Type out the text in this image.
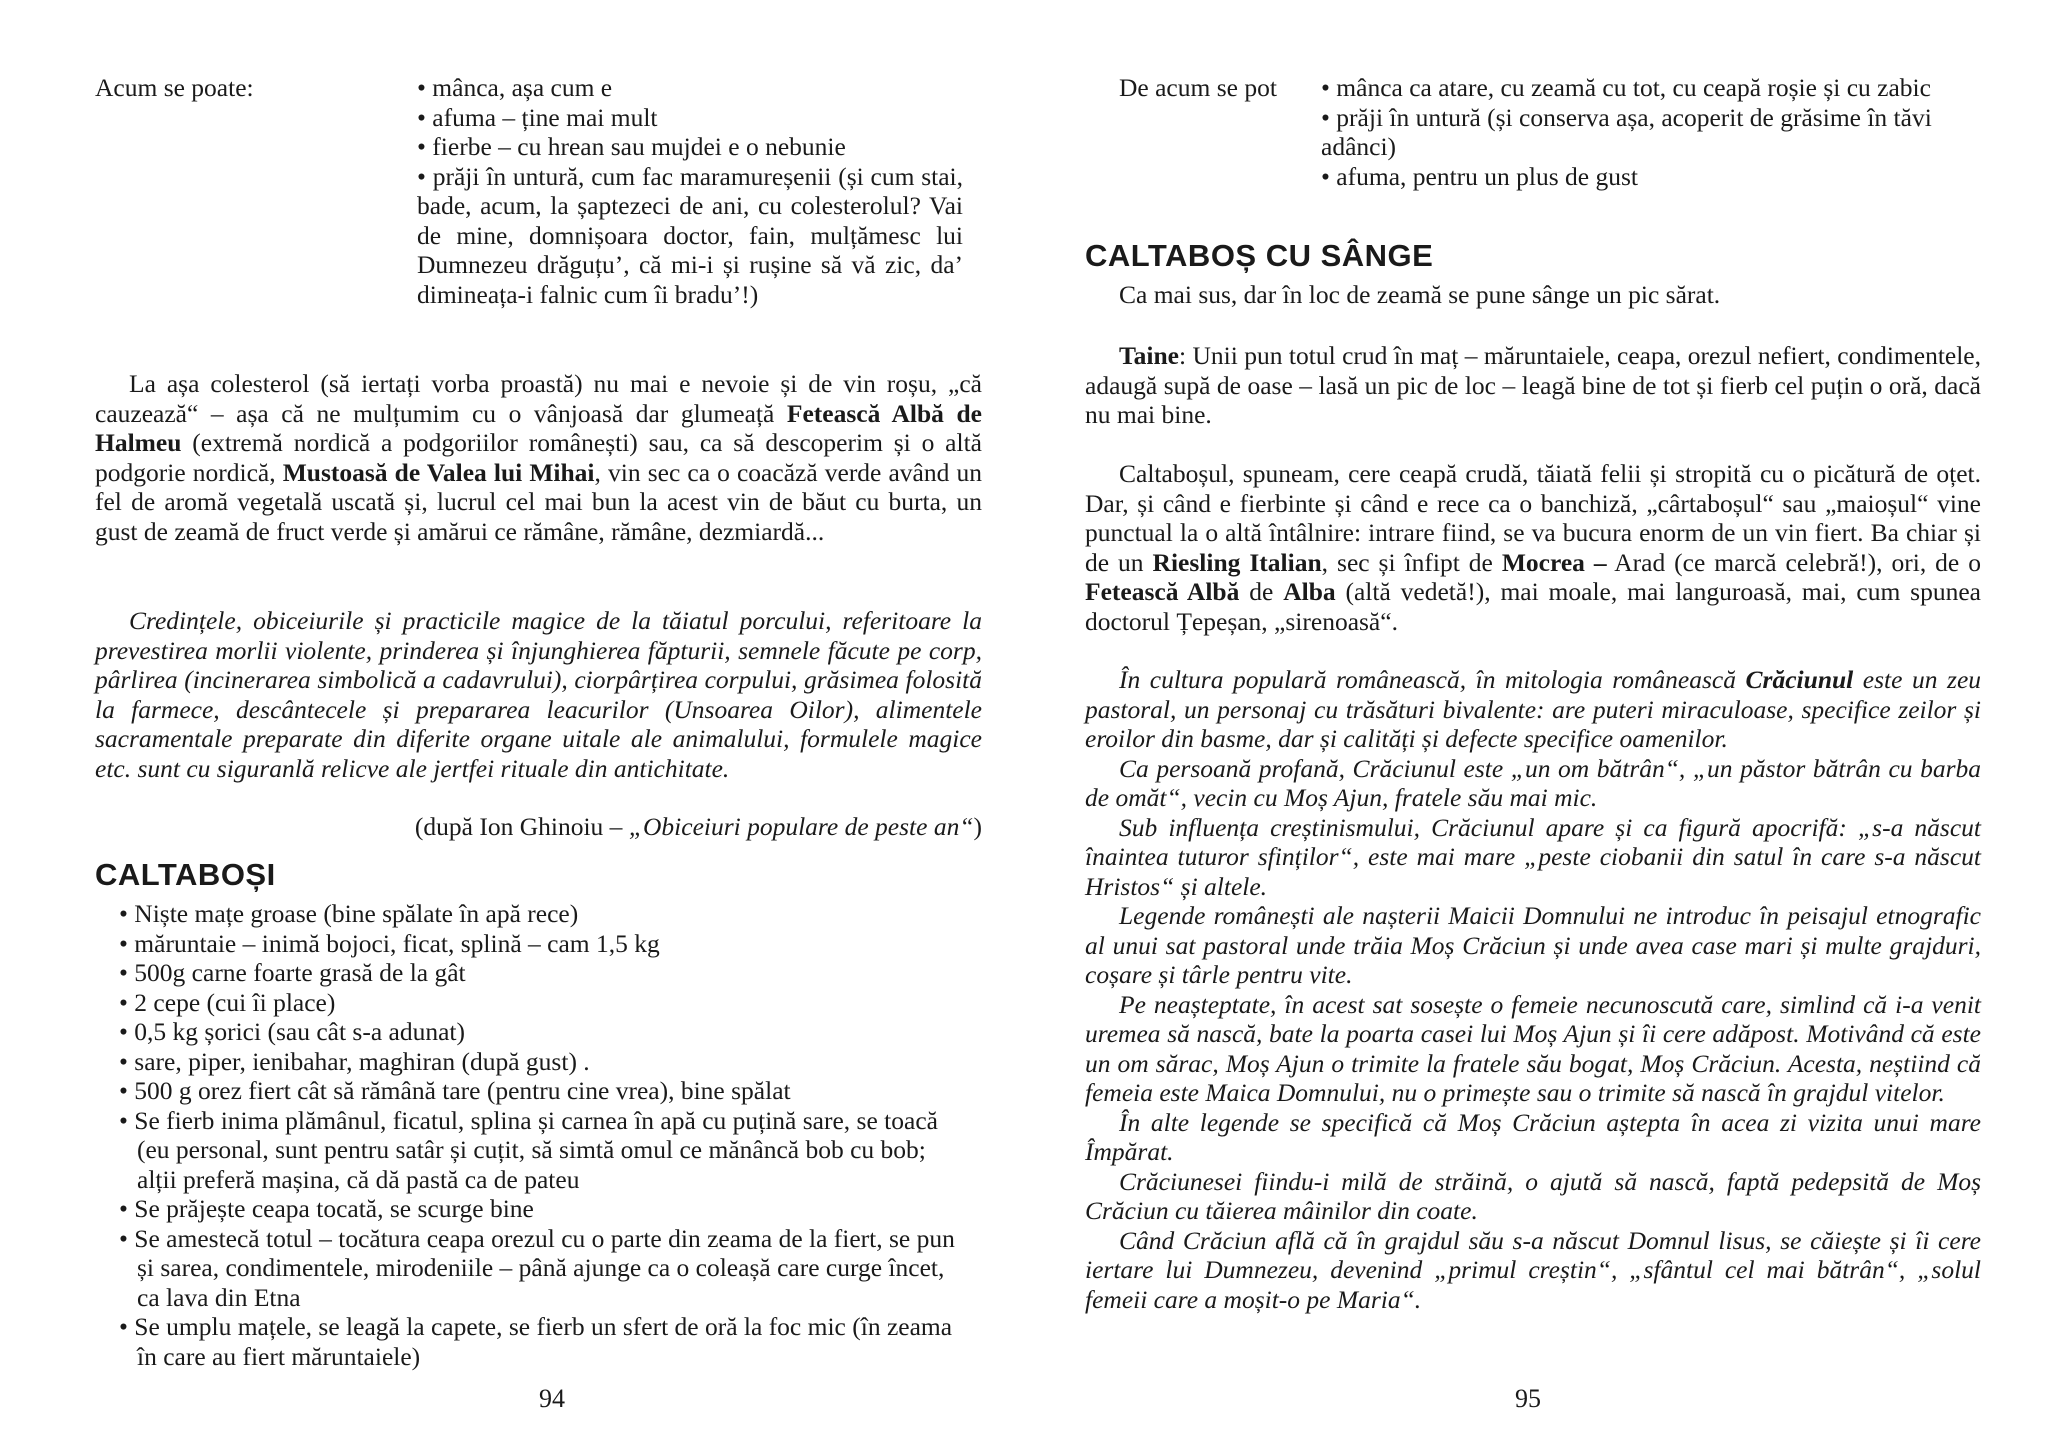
Acum se poate:	• mânca, așa cum e
• afuma – ține mai mult
• fierbe – cu hrean sau mujdei e o nebunie
• prăji în untură, cum fac maramureșenii (și cum stai, bade, acum, la șaptezeci de ani, cu colesterolul? Vai de mine, domnișoara doctor, fain, mulțămesc lui Dumnezeu drăguțu’, că mi-i și rușine să vă zic, da’ dimineața-i falnic cum îi bradu’!)

La așa colesterol (să iertați vorba proastă) nu mai e nevoie și de vin roșu, „că cauzează“ – așa că ne mulțumim cu o vânjoasă dar glumeață Fetească Albă de Halmeu (extremă nordică a podgoriilor românești) sau, ca să descoperim și o altă podgorie nordică, Mustoasă de Valea lui Mihai, vin sec ca o coacăză verde având un fel de aromă vegetală uscată și, lucrul cel mai bun la acest vin de băut cu burta, un gust de zeamă de fruct verde și amărui ce rămâne, rămâne, dezmiardă...

Credințele, obiceiurile și practicile magice de la tăiatul porcului, referitoare la prevestirea morlii violente, prinderea și înjunghierea făpturii, semnele făcute pe corp, pârlirea (incinerarea simbolică a cadavrului), ciorpârțirea corpului, grăsimea folosită la farmece, descântecele și prepararea leacurilor (Unsoarea Oilor), alimentele sacramentale preparate din diferite organe uitale ale animalului, formulele magice etc. sunt cu siguranlă relicve ale jertfei rituale din antichitate.

(după Ion Ghinoiu – „Obiceiuri populare de peste an“)
CALTABOȘI
• Niște mațe groase (bine spălate în apă rece)
• măruntaie – inimă bojoci, ficat, splină – cam 1,5 kg
• 500g carne foarte grasă de la gât
• 2 cepe (cui îi place)
• 0,5 kg șorici (sau cât s-a adunat)
• sare, piper, ienibahar, maghiran (după gust) .
• 500 g orez fiert cât să rămână tare (pentru cine vrea), bine spălat
• Se fierb inima plămânul, ficatul, splina și carnea în apă cu puțină sare, se toacă (eu personal, sunt pentru satâr și cuțit, să simtă omul ce mănâncă bob cu bob; alții preferă mașina, că dă pastă ca de pateu
• Se prăjește ceapa tocată, se scurge bine
• Se amestecă totul – tocătura ceapa orezul cu o parte din zeama de la fiert, se pun și sarea, condimentele, mirodeniile – până ajunge ca o coleașă care curge încet, ca lava din Etna
• Se umplu mațele, se leagă la capete, se fierb un sfert de oră la foc mic (în zeama în care au fiert măruntaiele)
94
De acum se pot	• mânca ca atare, cu zeamă cu tot, cu ceapă roșie și cu zabic
• prăji în untură (și conserva așa, acoperit de grăsime în tăvi adânci)
• afuma, pentru un plus de gust
CALTABOȘ CU SÂNGE
Ca mai sus, dar în loc de zeamă se pune sânge un pic sărat.

Taine: Unii pun totul crud în maț – măruntaiele, ceapa, orezul nefiert, condimentele, adaugă supă de oase – lasă un pic de loc – leagă bine de tot și fierb cel puțin o oră, dacă nu mai bine.

Caltaboșul, spuneam, cere ceapă crudă, tăiată felii și stropită cu o picătură de oțet. Dar, și când e fierbinte și când e rece ca o banchiză, „cârtaboșul“ sau „maioșul“ vine punctual la o altă întâlnire: intrare fiind, se va bucura enorm de un vin fiert. Ba chiar și de un Riesling Italian, sec și înfipt de Mocrea – Arad (ce marcă celebră!), ori, de o Fetească Albă de Alba (altă vedetă!), mai moale, mai languroasă, mai, cum spunea doctorul Țepeșan, „sirenoasă“.

În cultura populară românească, în mitologia românească Crăciunul este un zeu pastoral, un personaj cu trăsături bivalente: are puteri miraculoase, specifice zeilor și eroilor din basme, dar și calități și defecte specifice oamenilor.

Ca persoană profană, Crăciunul este „un om bătrân“, „un păstor bătrân cu barba de omăt“, vecin cu Moș Ajun, fratele său mai mic.

Sub influența creștinismului, Crăciunul apare și ca figură apocrifă: „s-a născut înaintea tuturor sfinților“, este mai mare „peste ciobanii din satul în care s-a născut Hristos“ și altele.

Legende românești ale nașterii Maicii Domnului ne introduc în peisajul etnografic al unui sat pastoral unde trăia Moș Crăciun și unde avea case mari și multe grajduri, coșare și târle pentru vite.

Pe neașteptate, în acest sat sosește o femeie necunoscută care, simlind că i-a venit uremea să nască, bate la poarta casei lui Moș Ajun și îi cere adăpost. Motivând că este un om sărac, Moș Ajun o trimite la fratele său bogat, Moș Crăciun. Acesta, neștiind că femeia este Maica Domnului, nu o primește sau o trimite să nască în grajdul vitelor.

În alte legende se specifică că Moș Crăciun aștepta în acea zi vizita unui mare Împărat.

Crăciunesei fiindu-i milă de străină, o ajută să nască, faptă pedepsită de Moș Crăciun cu tăierea mâinilor din coate.

Când Crăciun află că în grajdul său s-a născut Domnul lisus, se căiește și îi cere iertare lui Dumnezeu, devenind „primul creștin“, „sfântul cel mai bătrân“, „solul femeii care a moșit-o pe Maria“.

95
